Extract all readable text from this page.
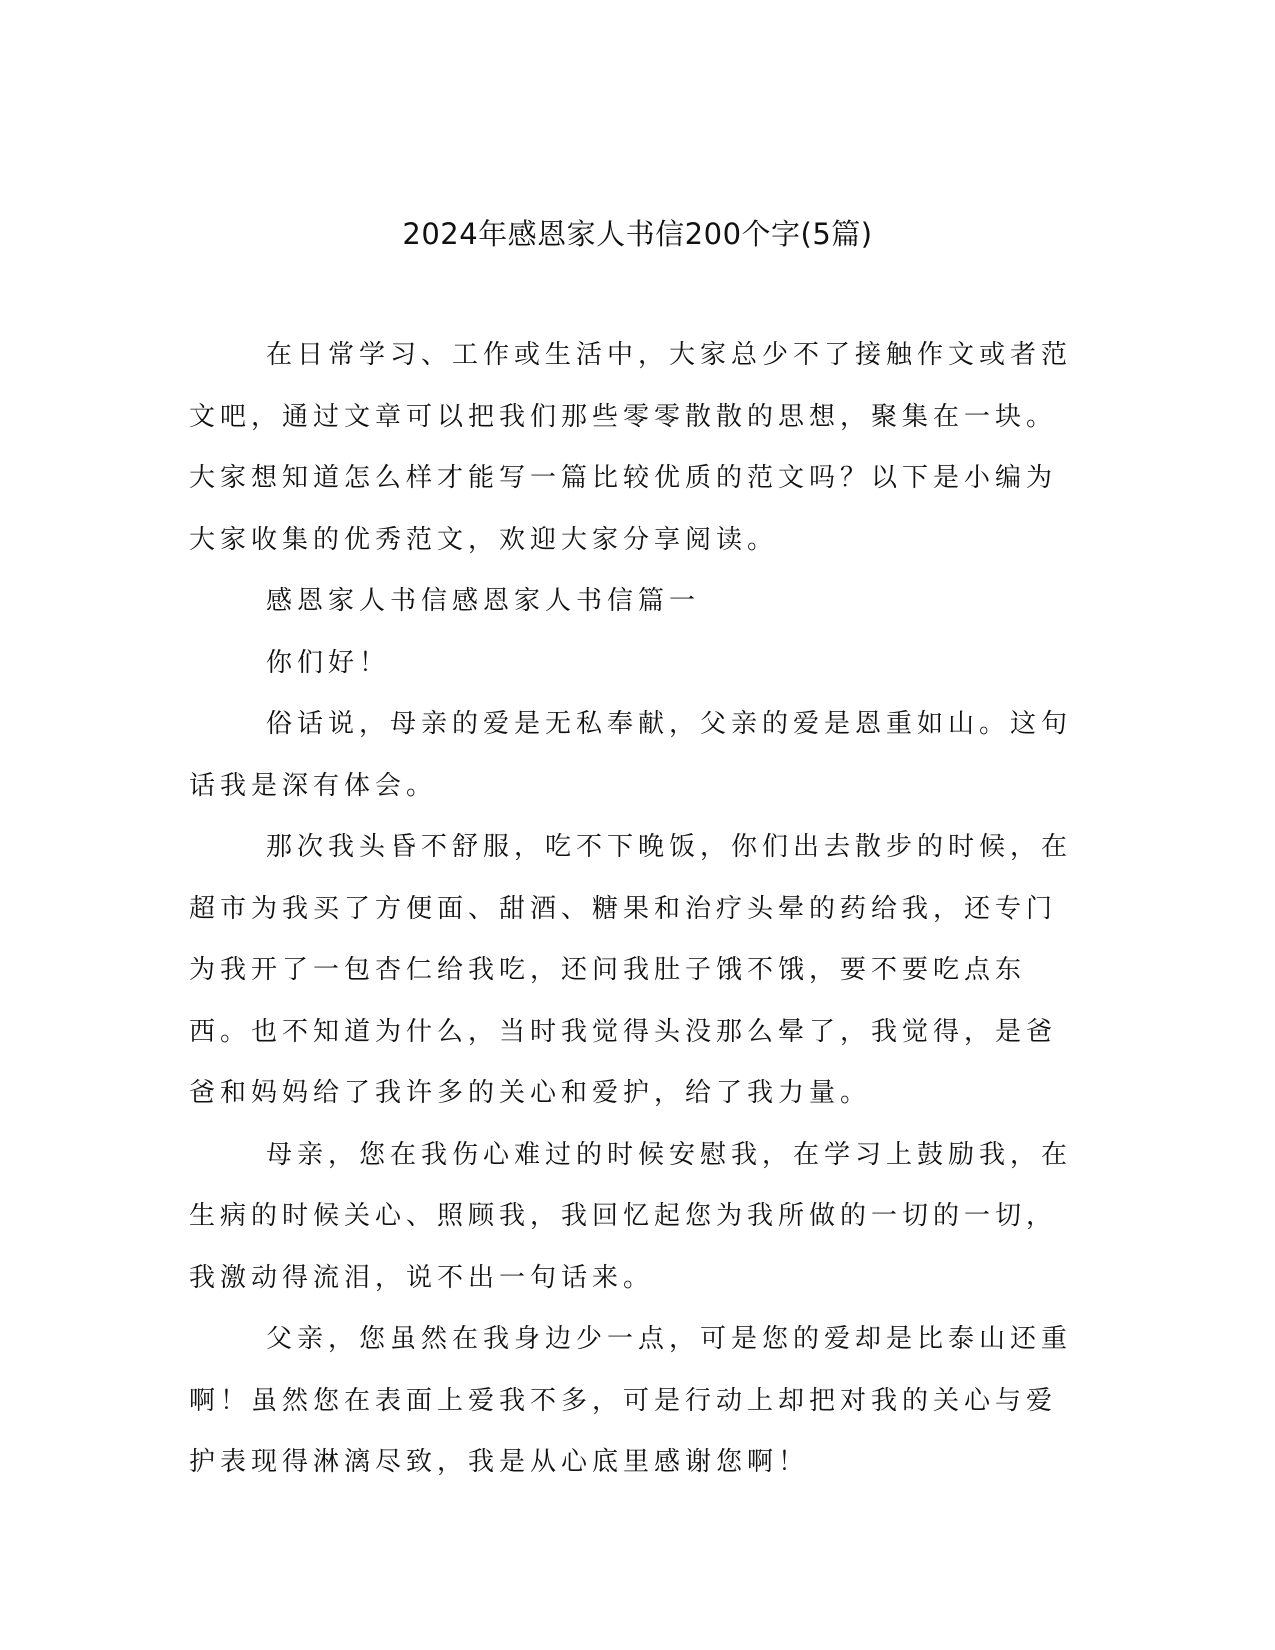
2024年感恩家人书信200个字(5篇)

在日常学习、工作或生活中，大家总少不了接触作文或者范文吧，通过文章可以把我们那些零零散散的思想，聚集在一块。大家想知道怎么样才能写一篇比较优质的范文吗？以下是小编为大家收集的优秀范文，欢迎大家分享阅读。

感恩家人书信感恩家人书信篇一

你们好！

俗话说，母亲的爱是无私奉献，父亲的爱是恩重如山。这句话我是深有体会。

那次我头昏不舒服，吃不下晚饭，你们出去散步的时候，在超市为我买了方便面、甜酒、糖果和治疗头晕的药给我，还专门为我开了一包杏仁给我吃，还问我肚子饿不饿，要不要吃点东西。也不知道为什么，当时我觉得头没那么晕了，我觉得，是爸爸和妈妈给了我许多的关心和爱护，给了我力量。

母亲，您在我伤心难过的时候安慰我，在学习上鼓励我，在生病的时候关心、照顾我，我回忆起您为我所做的一切的一切，我激动得流泪，说不出一句话来。

父亲，您虽然在我身边少一点，可是您的爱却是比泰山还重啊！虽然您在表面上爱我不多，可是行动上却把对我的关心与爱护表现得淋漓尽致，我是从心底里感谢您啊！
